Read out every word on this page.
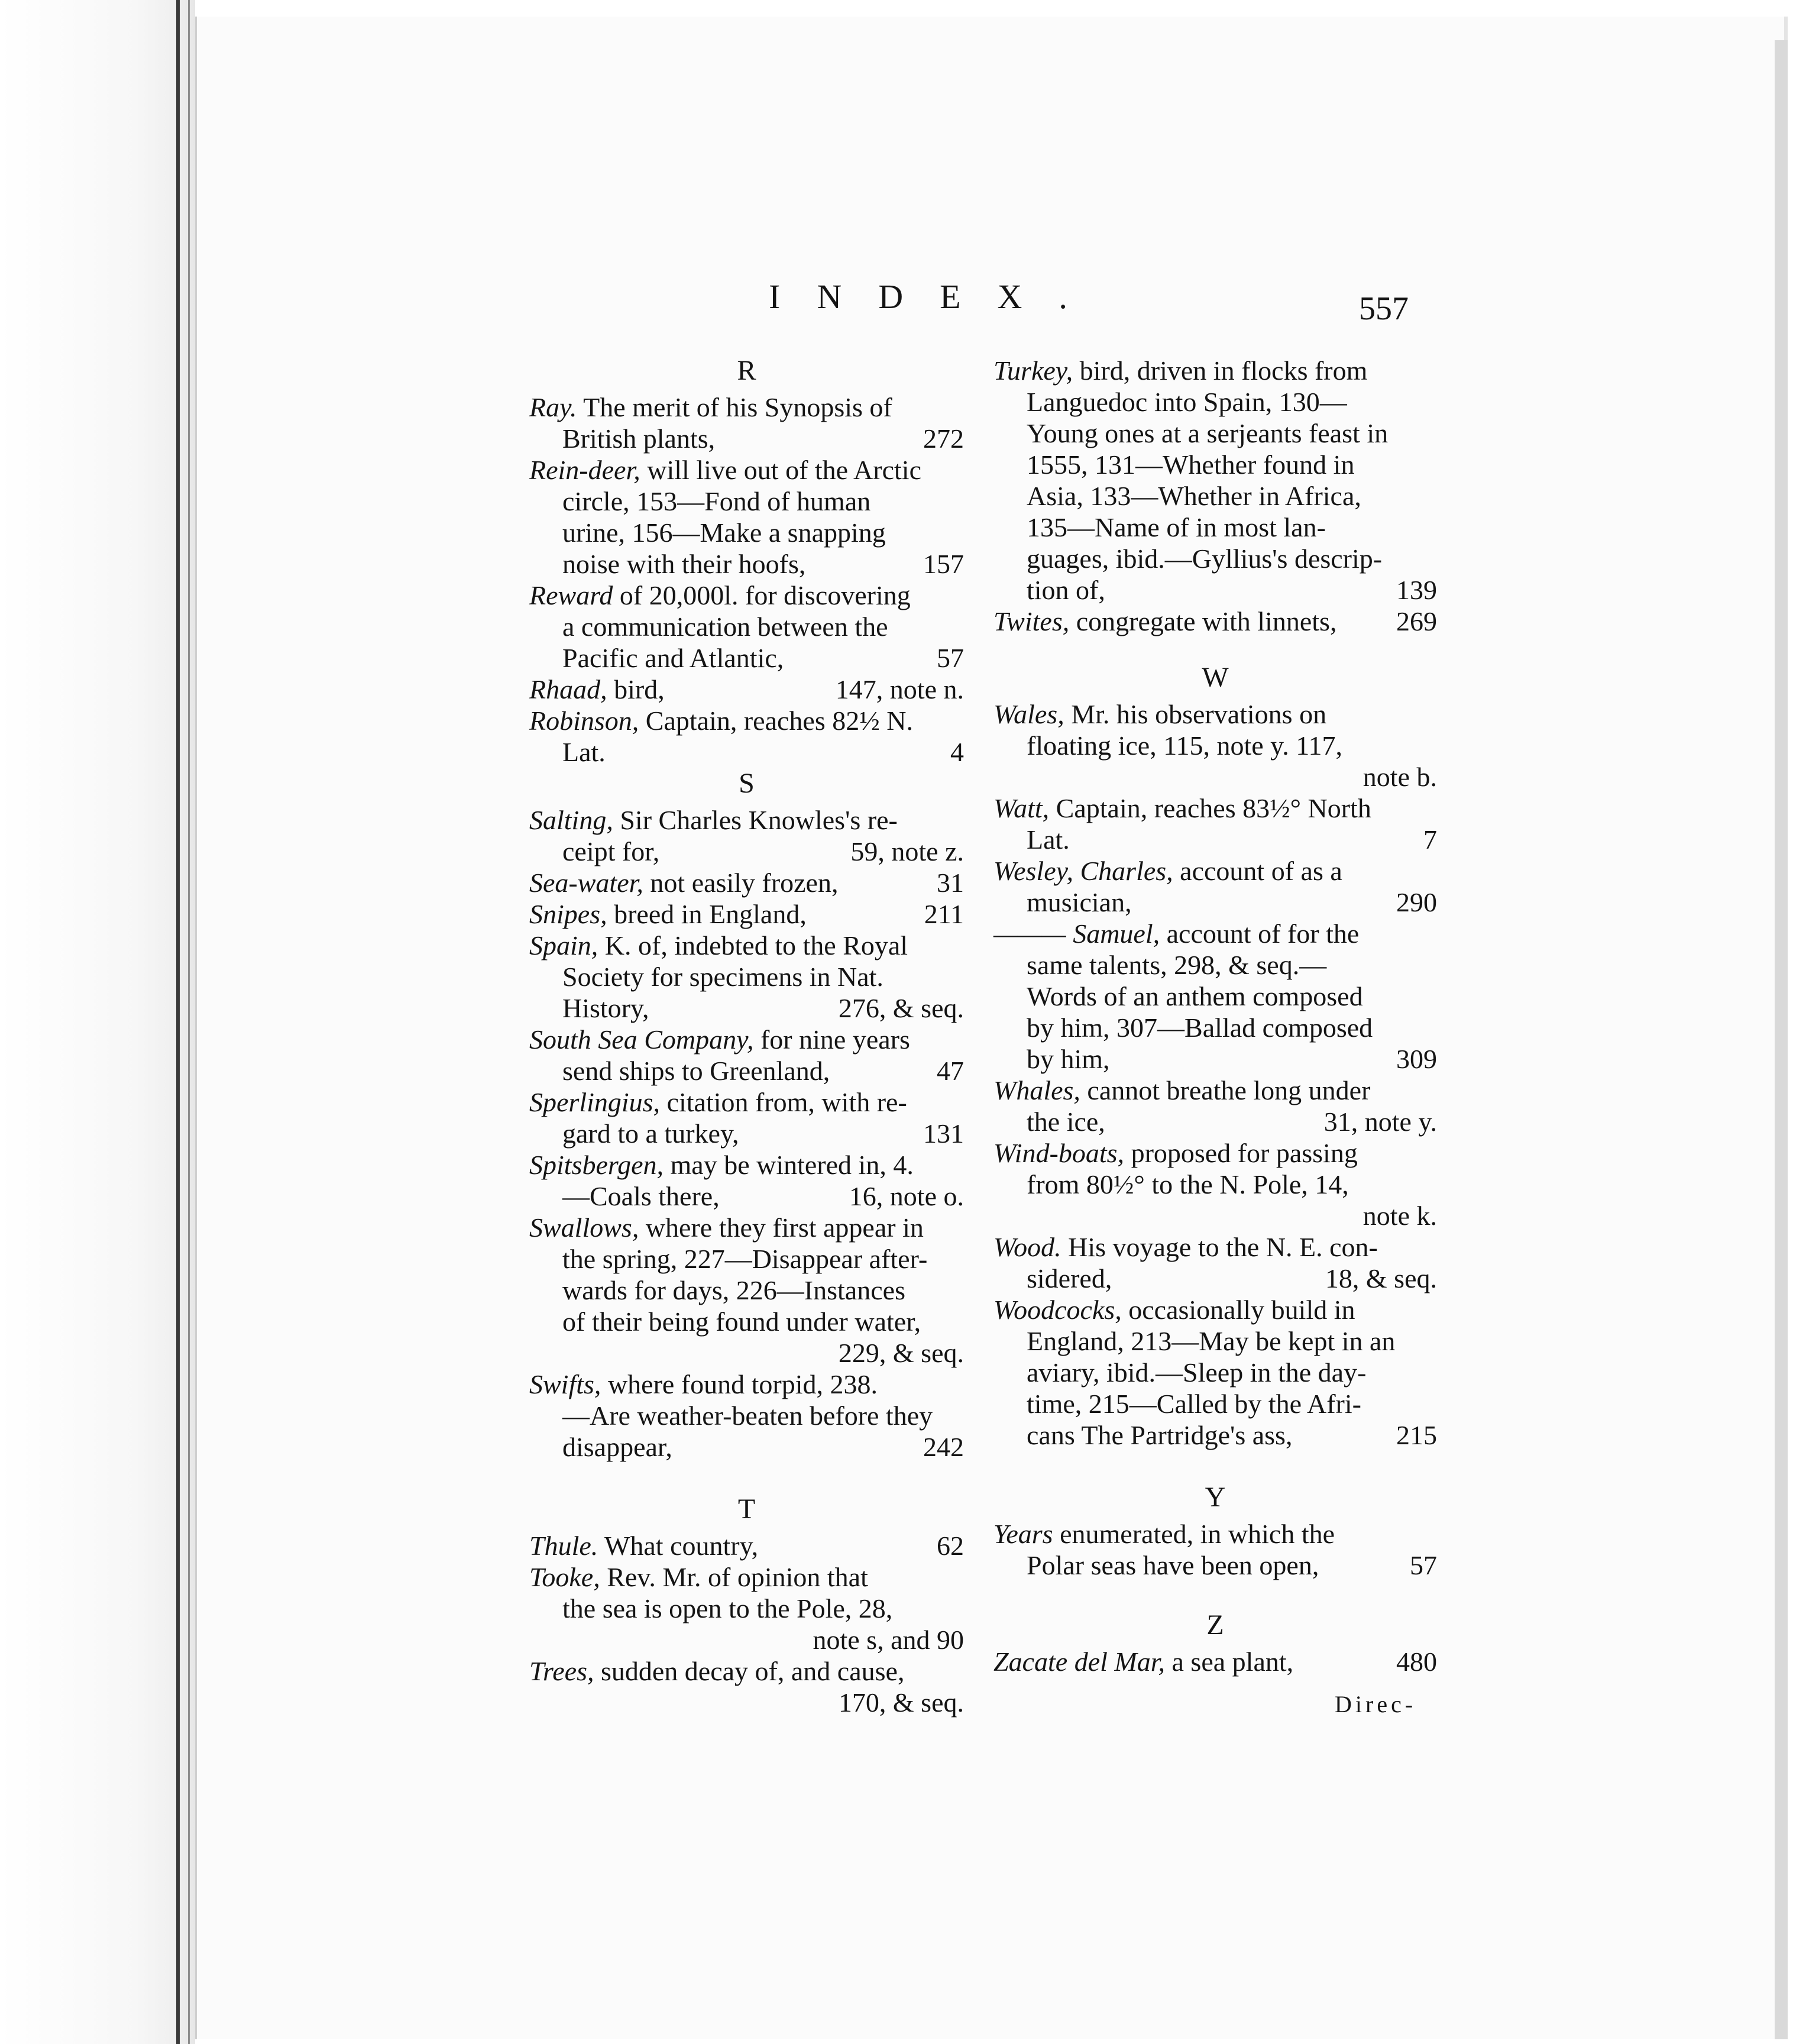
INDEX.	557
R
Ray. The merit of his Synopsis of
British plants,	272
Rein-deer, will live out of the Arctic
circle, 153—Fond of human
urine, 156—Make a snapping
noise with their hoofs,	157
Reward of 20,000l. for discovering
a communication between the
Pacific and Atlantic,	57
Rhaad, bird,	147, note n.
Robinson, Captain, reaches 82½ N.
Lat.	4
S
Salting, Sir Charles Knowles's re-
ceipt for,	59, note z.
Sea-water, not easily frozen,	31
Snipes, breed in England,	211
Spain, K. of, indebted to the Royal
Society for specimens in Nat.
History,	276, & seq.
South Sea Company, for nine years
send ships to Greenland,	47
Sperlingius, citation from, with re-
gard to a turkey,	131
Spitsbergen, may be wintered in, 4.
—Coals there,	16, note o.
Swallows, where they first appear in
the spring, 227—Disappear after-
wards for days, 226—Instances
of their being found under water,
229, & seq.
Swifts, where found torpid, 238.
—Are weather-beaten before they
disappear,	242
T
Thule. What country,	62
Tooke, Rev. Mr. of opinion that
the sea is open to the Pole, 28,
note s, and 90
Trees, sudden decay of, and cause,
170, & seq.
Turkey, bird, driven in flocks from
Languedoc into Spain, 130—
Young ones at a serjeants feast in
1555, 131—Whether found in
Asia, 133—Whether in Africa,
135—Name of in most lan-
guages, ibid.—Gyllius's descrip-
tion of,	139
Twites, congregate with linnets, 269
W
Wales, Mr. his observations on
floating ice, 115, note y. 117,
note b.
Watt, Captain, reaches 83½° North
Lat.	7
Wesley, Charles, account of as a
musician,	290
——— Samuel, account of for the
same talents, 298, & seq.—
Words of an anthem composed
by him, 307—Ballad composed
by him,	309
Whales, cannot breathe long under
the ice,	31, note y.
Wind-boats, proposed for passing
from 80½° to the N. Pole, 14,
note k.
Wood. His voyage to the N. E. con-
sidered,	18, & seq.
Woodcocks, occasionally build in
England, 213—May be kept in an
aviary, ibid.—Sleep in the day-
time, 215—Called by the Afri-
cans The Partridge's ass,	215
Y
Years enumerated, in which the
Polar seas have been open,	57
Z
Zacate del Mar, a sea plant,	480
Direc-
